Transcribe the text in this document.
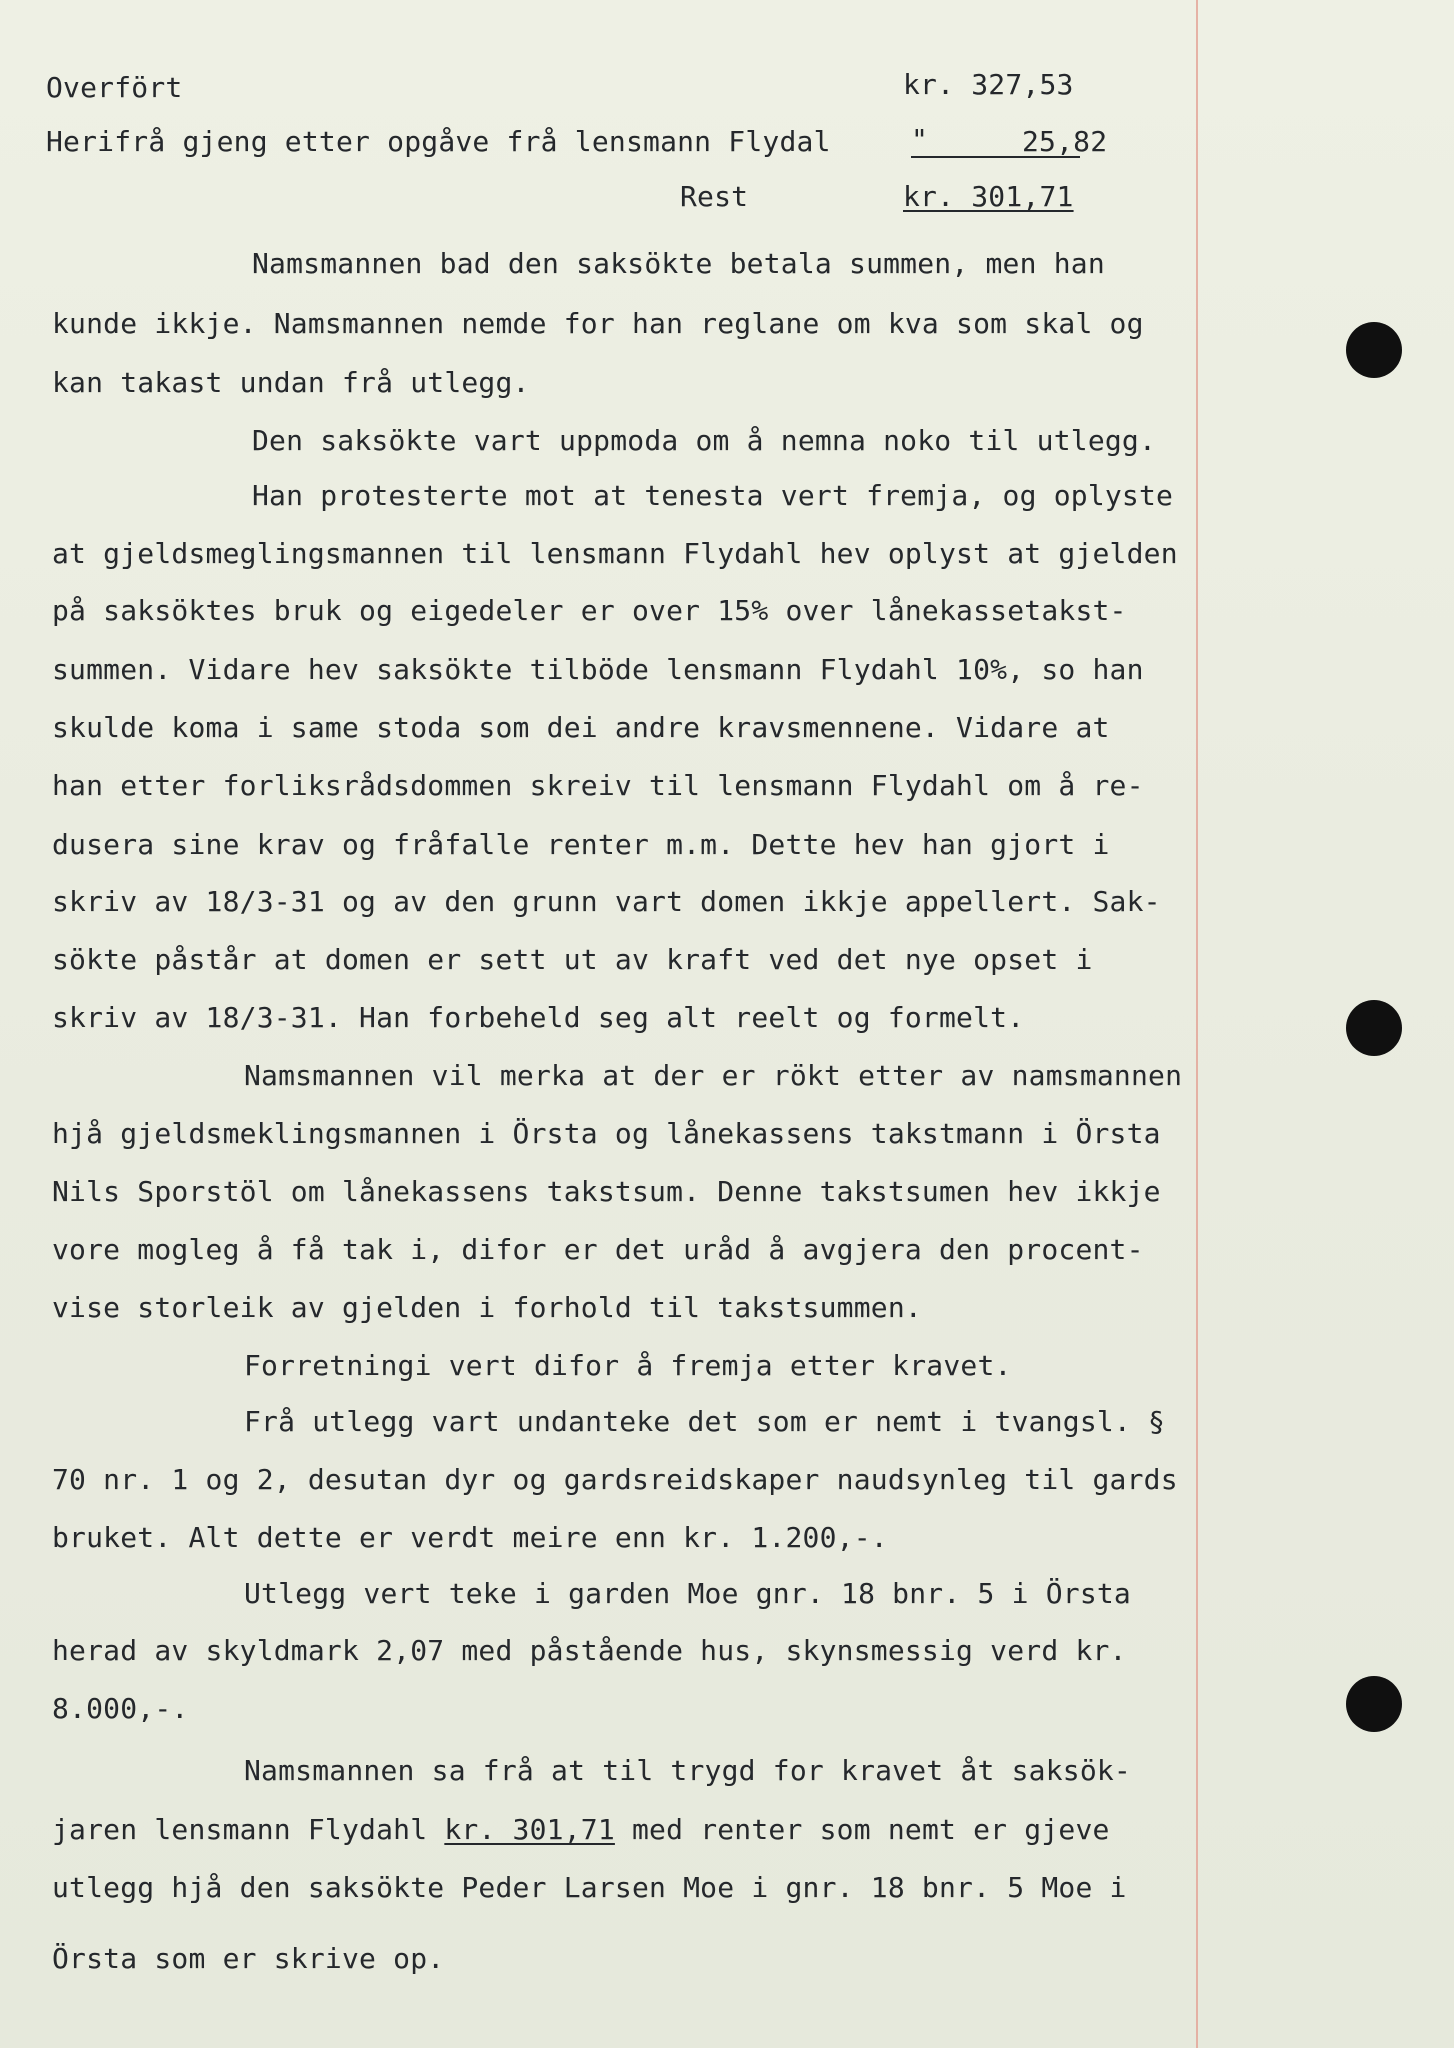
Overfört	kr. 327,53
Herifrå gjeng etter opgåve frå lensmann Flydal	"	25,82
Rest	kr. 301,71
Namsmannen bad den saksökte betala summen, men han
kunde ikkje. Namsmannen nemde for han reglane om kva som skal og
kan takast undan frå utlegg.
Den saksökte vart uppmoda om å nemna noko til utlegg.
Han protesterte mot at tenesta vert fremja, og oplyste
at gjeldsmeglingsmannen til lensmann Flydahl hev oplyst at gjelden
på saksöktes bruk og eigedeler er over 15% over lånekassetakst-
summen. Vidare hev saksökte tilböde lensmann Flydahl 10%, so han
skulde koma i same stoda som dei andre kravsmennene. Vidare at
han etter forliksrådsdommen skreiv til lensmann Flydahl om å re-
dusera sine krav og fråfalle renter m.m. Dette hev han gjort i
skriv av 18/3-31 og av den grunn vart domen ikkje appellert. Sak-
sökte påstår at domen er sett ut av kraft ved det nye opset i
skriv av 18/3-31. Han forbeheld seg alt reelt og formelt.
Namsmannen vil merka at der er rökt etter av namsmannen
hjå gjeldsmeklingsmannen i Örsta og lånekassens takstmann i Örsta
Nils Sporstöl om lånekassens takstsum. Denne takstsumen hev ikkje
vore mogleg å få tak i, difor er det uråd å avgjera den procent-
vise storleik av gjelden i forhold til takstsummen.
Forretningi vert difor å fremja etter kravet.
Frå utlegg vart undanteke det som er nemt i tvangsl. §
70 nr. 1 og 2, desutan dyr og gardsreidskaper naudsynleg til gards
bruket. Alt dette er verdt meire enn kr. 1.200,-.
Utlegg vert teke i garden Moe gnr. 18 bnr. 5 i Örsta
herad av skyldmark 2,07 med påstående hus, skynsmessig verd kr.
8.000,-.
Namsmannen sa frå at til trygd for kravet åt saksök-
jaren lensmann Flydahl kr. 301,71 med renter som nemt er gjeve
utlegg hjå den saksökte Peder Larsen Moe i gnr. 18 bnr. 5 Moe i
Örsta som er skrive op.
